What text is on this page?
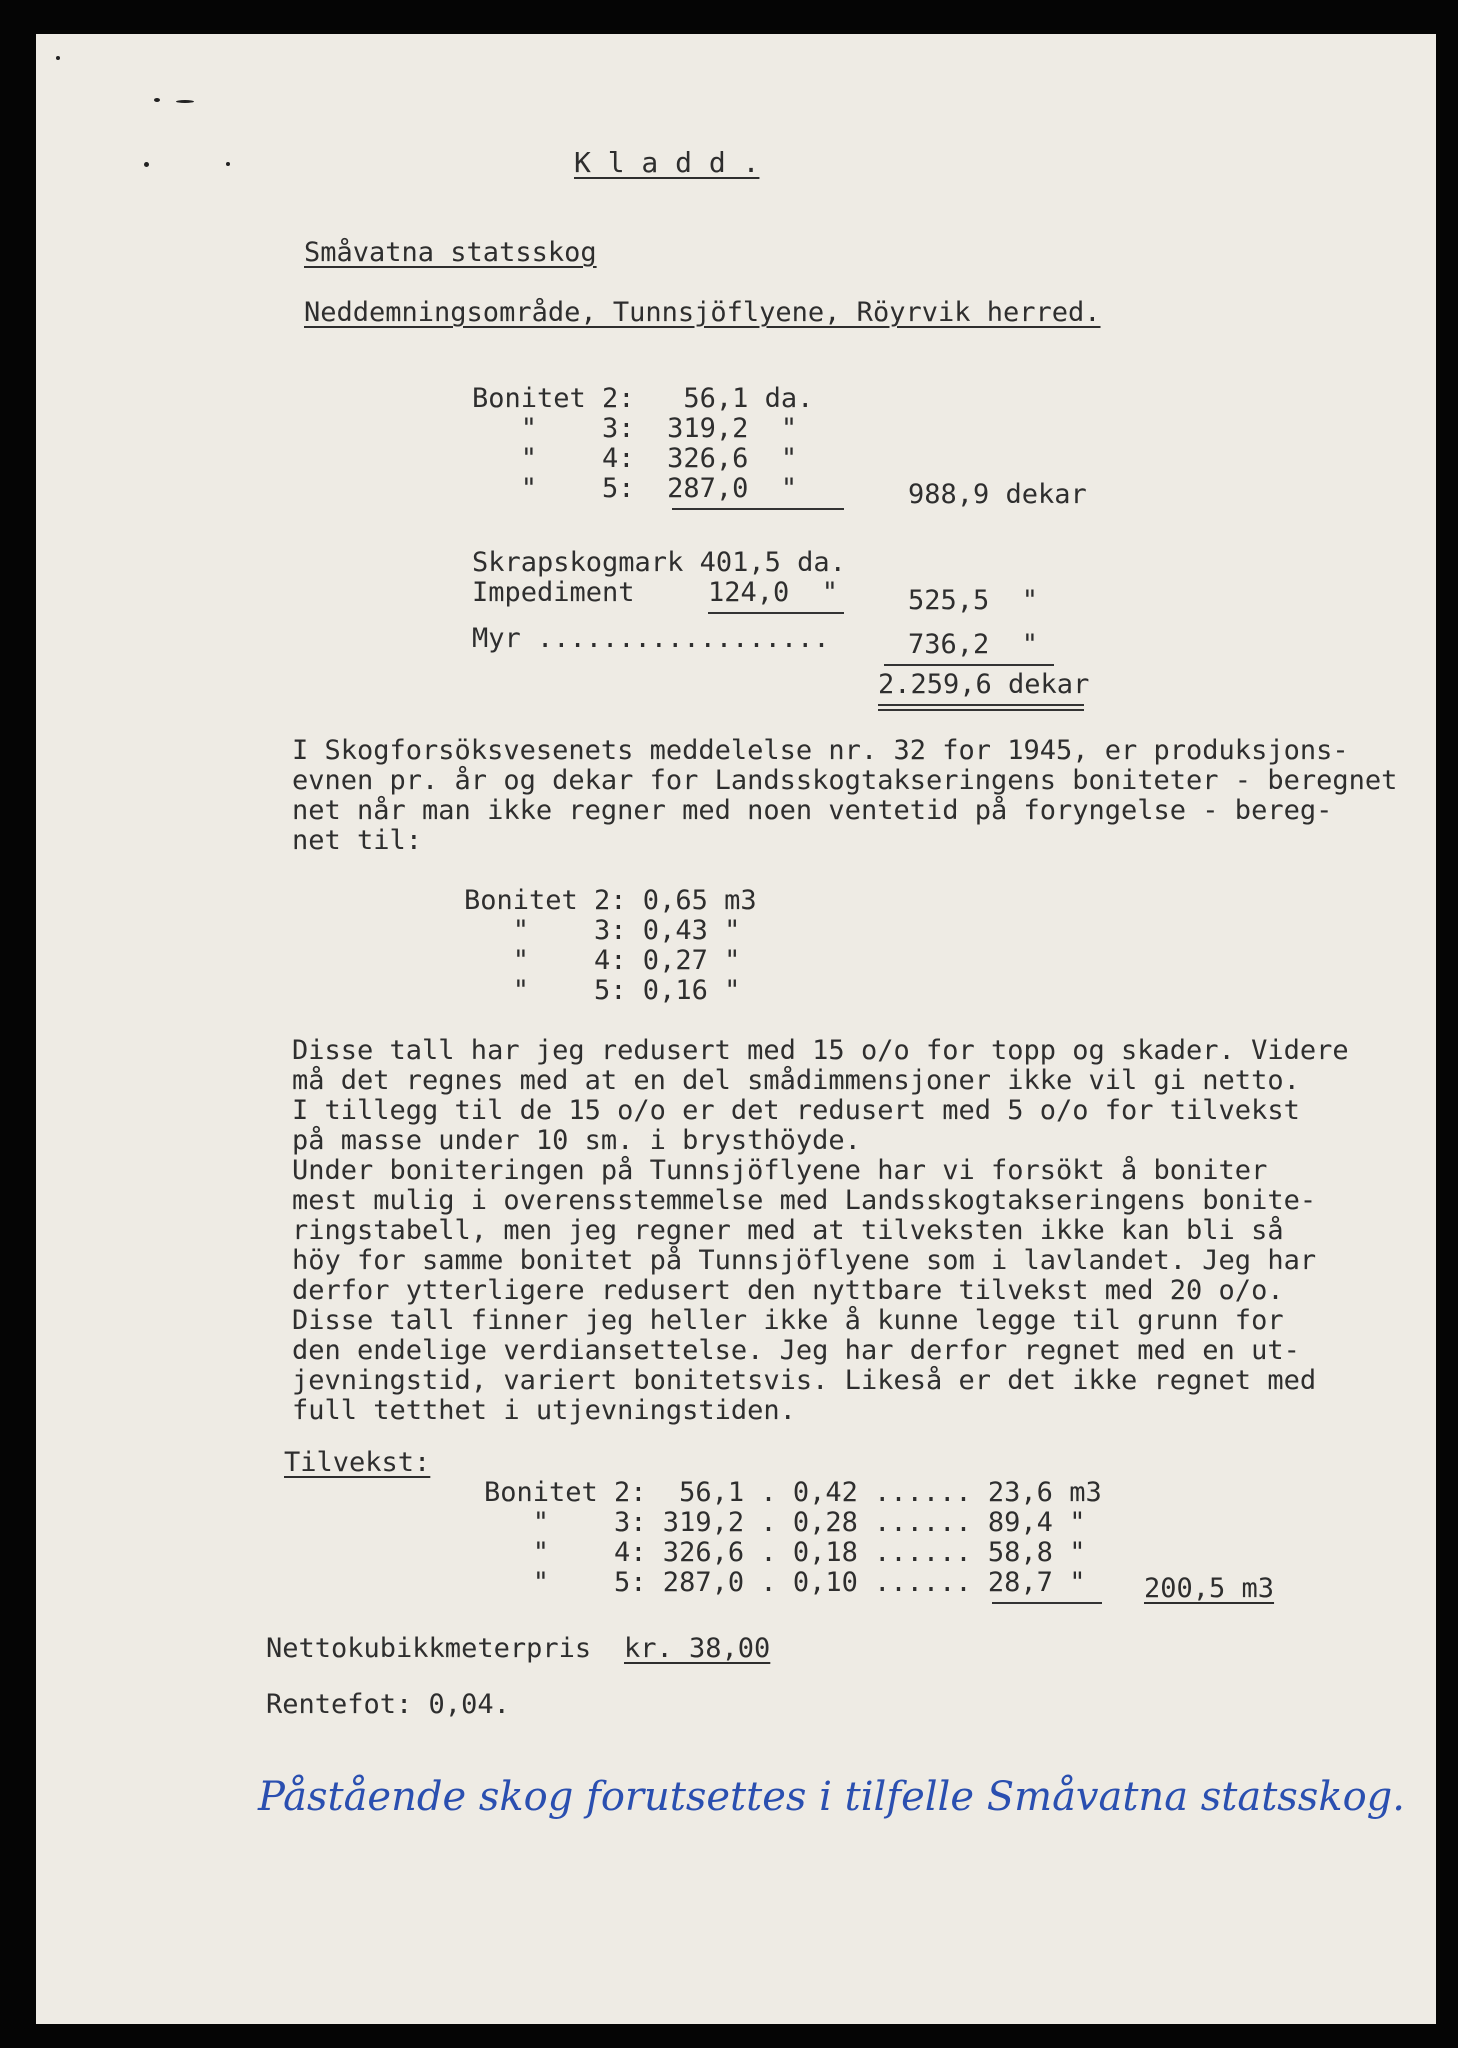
K l a d d .
Småvatna statsskog
Neddemningsområde, Tunnsjöflyene, Röyrvik herred.
Bonitet 2:   56,1 da.
"    3:  319,2  "
"    4:  326,6  "
"    5:  287,0  "	988,9 dekar
Skrapskogmark 401,5 da.
Impediment	124,0  "	525,5  "
Myr ..................	736,2  "
2.259,6 dekar
I Skogforsöksvesenets meddelelse nr. 32 for 1945, er produksjons-
evnen pr. år og dekar for Landsskogtakseringens boniteter - beregnet
net når man ikke regner med noen ventetid på foryngelse - bereg-
net til:
Bonitet 2: 0,65 m3
"    3: 0,43 "
"    4: 0,27 "
"    5: 0,16 "
Disse tall har jeg redusert med 15 o/o for topp og skader. Videre
må det regnes med at en del smådimmensjoner ikke vil gi netto.
I tillegg til de 15 o/o er det redusert med 5 o/o for tilvekst
på masse under 10 sm. i brysthöyde.
Under boniteringen på Tunnsjöflyene har vi forsökt å boniter
mest mulig i overensstemmelse med Landsskogtakseringens bonite-
ringstabell, men jeg regner med at tilveksten ikke kan bli så
höy for samme bonitet på Tunnsjöflyene som i lavlandet. Jeg har
derfor ytterligere redusert den nyttbare tilvekst med 20 o/o.
Disse tall finner jeg heller ikke å kunne legge til grunn for
den endelige verdiansettelse. Jeg har derfor regnet med en ut-
jevningstid, variert bonitetsvis. Likeså er det ikke regnet med
full tetthet i utjevningstiden.
Tilvekst:
Bonitet 2:  56,1 . 0,42 ...... 23,6 m3
"    3: 319,2 . 0,28 ...... 89,4 "
"    4: 326,6 . 0,18 ...... 58,8 "
"    5: 287,0 . 0,10 ...... 28,7 " 200,5 m3
Nettokubikkmeterpris kr. 38,00
Rentefot: 0,04.
Påstående skog forutsettes i tilfelle Småvatna statsskog.
